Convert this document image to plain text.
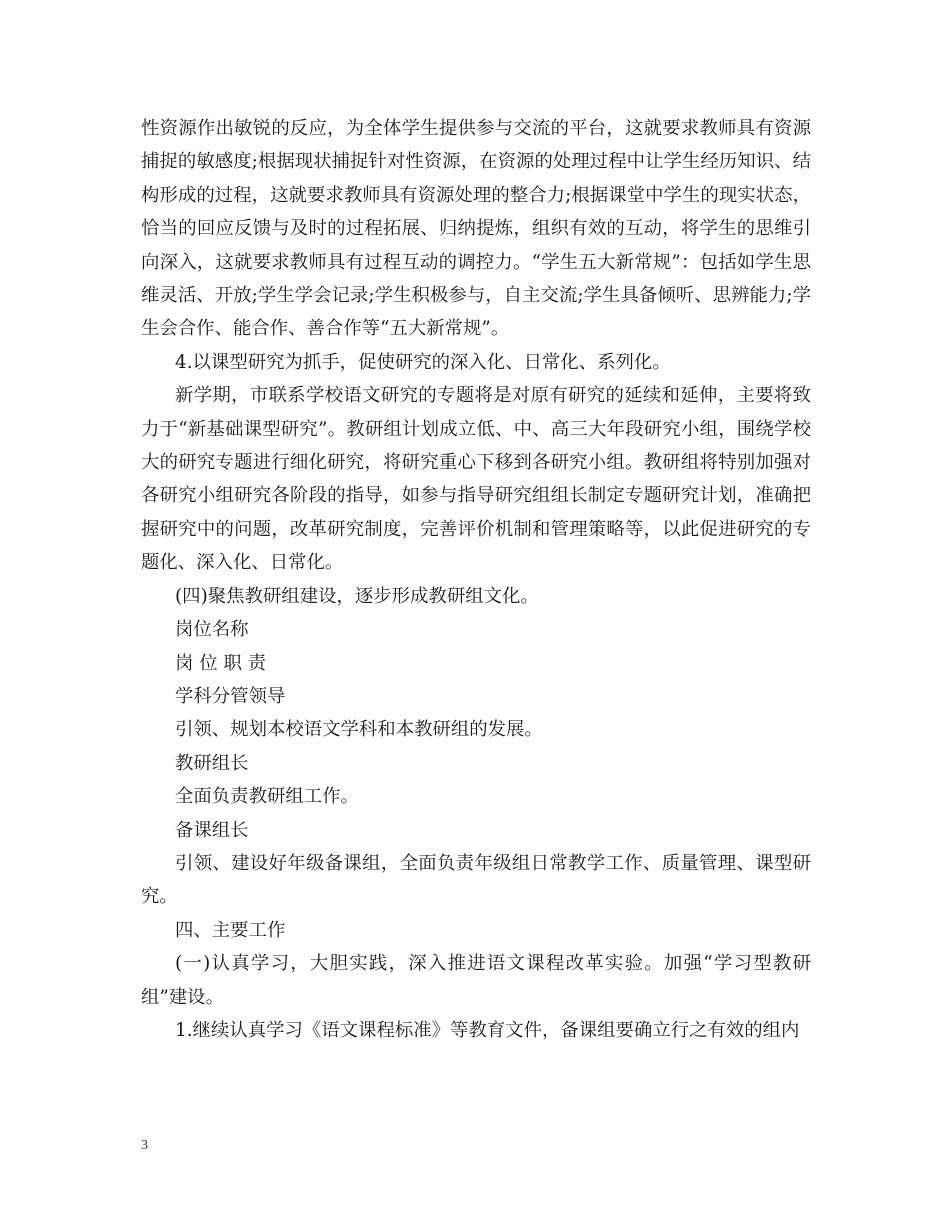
性资源作出敏锐的反应，为全体学生提供参与交流的平台，这就要求教师具有资源捕捉的敏感度;根据现状捕捉针对性资源，在资源的处理过程中让学生经历知识、结构形成的过程，这就要求教师具有资源处理的整合力;根据课堂中学生的现实状态，恰当的回应反馈与及时的过程拓展、归纳提炼，组织有效的互动，将学生的思维引向深入，这就要求教师具有过程互动的调控力。“学生五大新常规”：包括如学生思维灵活、开放;学生学会记录;学生积极参与，自主交流;学生具备倾听、思辨能力;学生会合作、能合作、善合作等“五大新常规”。

4.以课型研究为抓手，促使研究的深入化、日常化、系列化。

新学期，市联系学校语文研究的专题将是对原有研究的延续和延伸，主要将致力于“新基础课型研究”。教研组计划成立低、中、高三大年段研究小组，围绕学校大的研究专题进行细化研究，将研究重心下移到各研究小组。教研组将特别加强对各研究小组研究各阶段的指导，如参与指导研究组组长制定专题研究计划，准确把握研究中的问题，改革研究制度，完善评价机制和管理策略等，以此促进研究的专题化、深入化、日常化。

(四)聚焦教研组建设，逐步形成教研组文化。

岗位名称
岗 位 职 责
学科分管领导
引领、规划本校语文学科和本教研组的发展。
教研组长
全面负责教研组工作。
备课组长

引领、建设好年级备课组，全面负责年级组日常教学工作、质量管理、课型研究。

四、主要工作

(一)认真学习，大胆实践，深入推进语文课程改革实验。加强“学习型教研组”建设。

1.继续认真学习《语文课程标准》等教育文件，备课组要确立行之有效的组内

3
